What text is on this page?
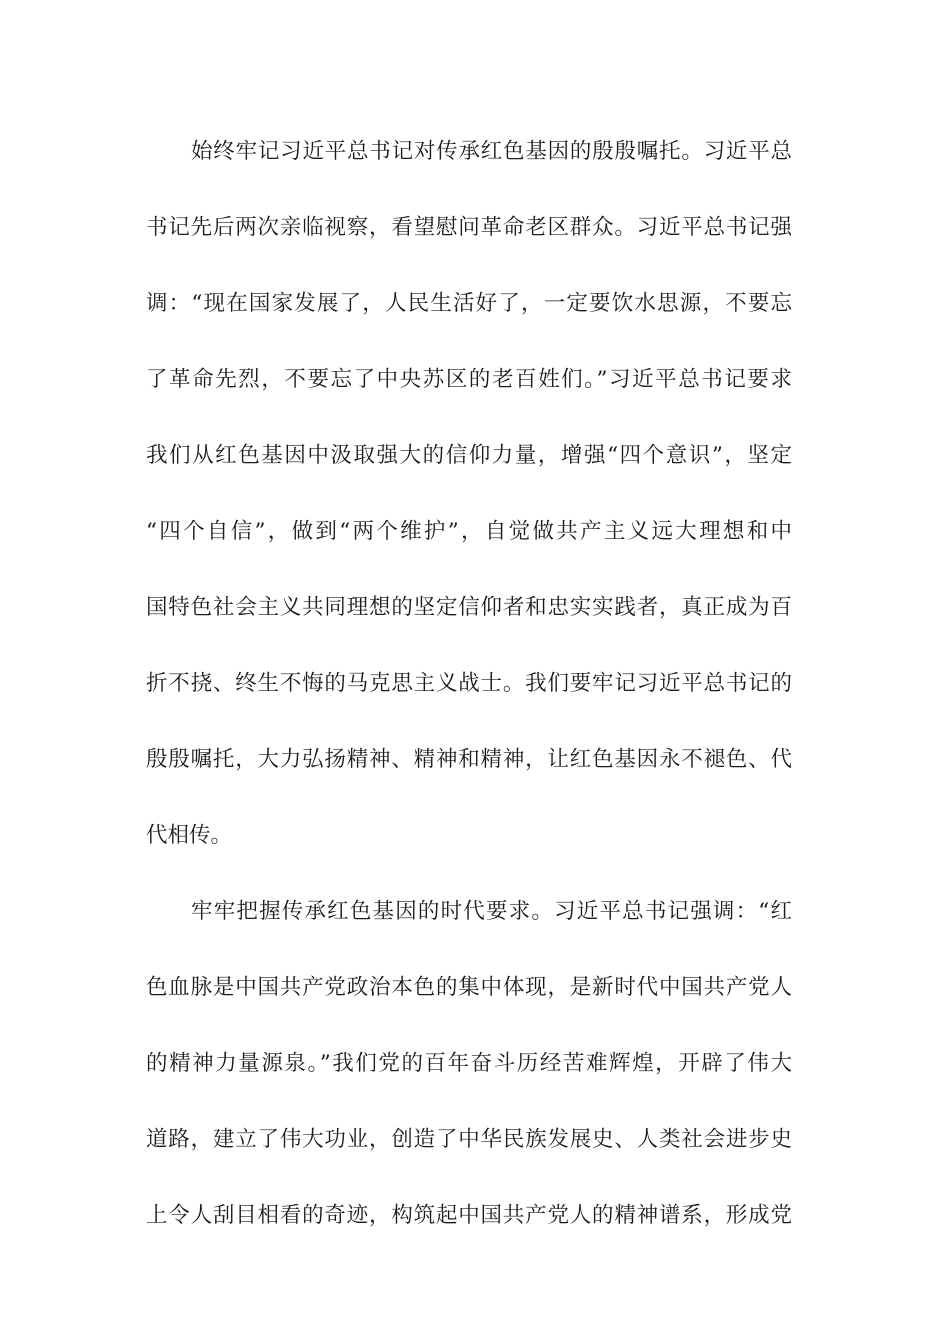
始终牢记习近平总书记对传承红色基因的殷殷嘱托。习近平总
书记先后两次亲临视察，看望慰问革命老区群众。习近平总书记强
调：“现在国家发展了，人民生活好了，一定要饮水思源，不要忘
了革命先烈，不要忘了中央苏区的老百姓们。”习近平总书记要求
我们从红色基因中汲取强大的信仰力量，增强“四个意识”，坚定
“四个自信”，做到“两个维护”，自觉做共产主义远大理想和中
国特色社会主义共同理想的坚定信仰者和忠实实践者，真正成为百
折不挠、终生不悔的马克思主义战士。我们要牢记习近平总书记的
殷殷嘱托，大力弘扬精神、精神和精神，让红色基因永不褪色、代
代相传。
牢牢把握传承红色基因的时代要求。习近平总书记强调：“红
色血脉是中国共产党政治本色的集中体现，是新时代中国共产党人
的精神力量源泉。”我们党的百年奋斗历经苦难辉煌，开辟了伟大
道路，建立了伟大功业，创造了中华民族发展史、人类社会进步史
上令人刮目相看的奇迹，构筑起中国共产党人的精神谱系，形成党
